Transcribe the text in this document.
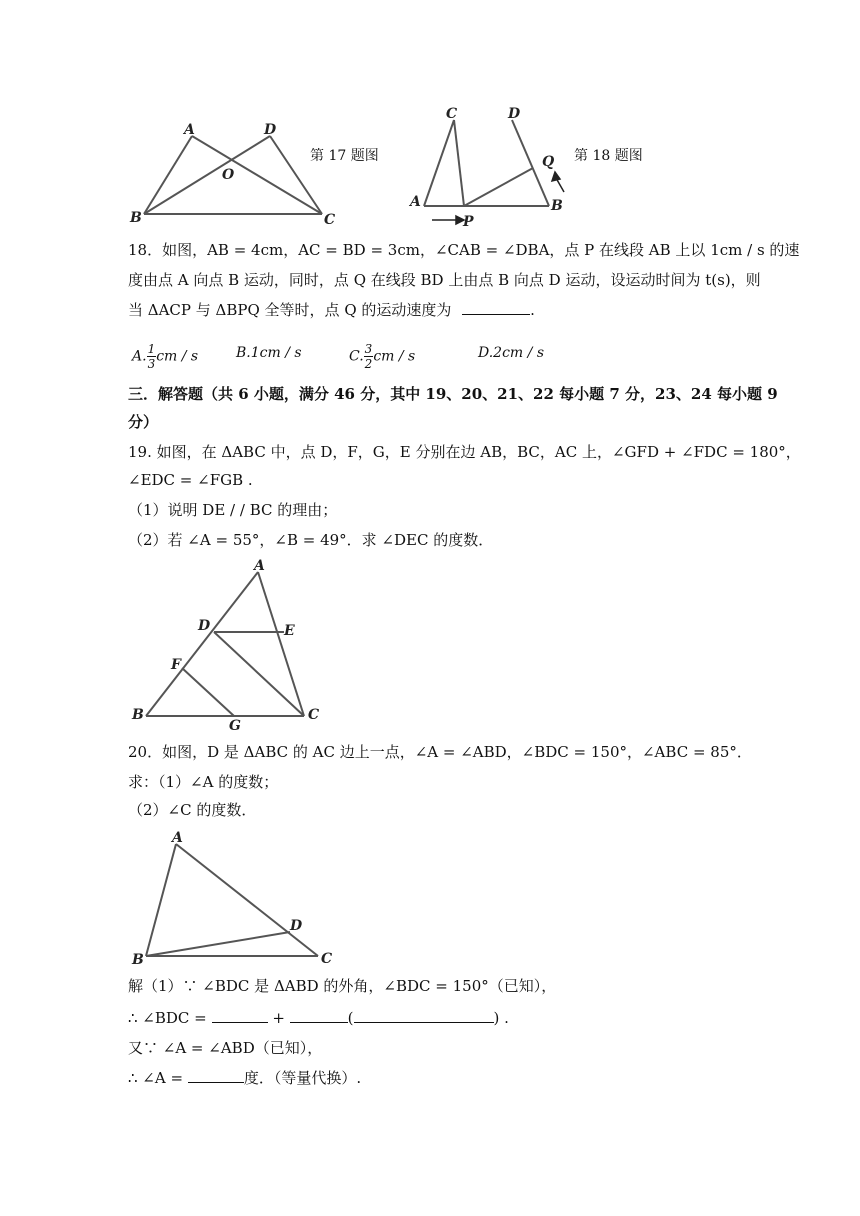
A	D
O
B	C
第 17 题图
C	D
Q
A
P
B
第 18 题图
18．如图，AB = 4cm，AC = BD = 3cm，∠CAB = ∠DBA，点 P 在线段 AB 上以 1cm / s 的速
度由点 A 向点 B 运动，同时，点 Q 在线段 BD 上由点 B 向点 D 运动，设运动时间为 t(s)，则
当 ΔACP 与 ΔBPQ 全等时，点 Q 的运动速度为	.
A. $\frac{1}{3}$ cm / s	B.1cm / s	C. $\frac{3}{2}$ cm / s	D.2cm / s
三．解答题（共 6 小题，满分 46 分，其中 19、20、21、22 每小题 7 分，23、24 每小题 9
分）
19. 如图，在 ΔABC 中，点 D，F，G，E 分别在边 AB，BC，AC 上，∠GFD + ∠FDC = 180°，
∠EDC = ∠FGB .
（1）说明 DE / / BC 的理由；
（2）若 ∠A = 55°，∠B = 49°．求 ∠DEC 的度数．
A
D	E
F
B
G
C
20．如图，D 是 ΔABC 的 AC 边上一点，∠A = ∠ABD，∠BDC = 150°，∠ABC = 85°．
求：（1）∠A 的度数；
（2）∠C 的度数．
A
D
B	C
解（1）∵ ∠BDC 是 ΔABD 的外角，∠BDC = 150°（已知），
∴ ∠BDC =	+	(	) .
又∵ ∠A = ∠ABD（已知），
∴ ∠A =	度．（等量代换）.
